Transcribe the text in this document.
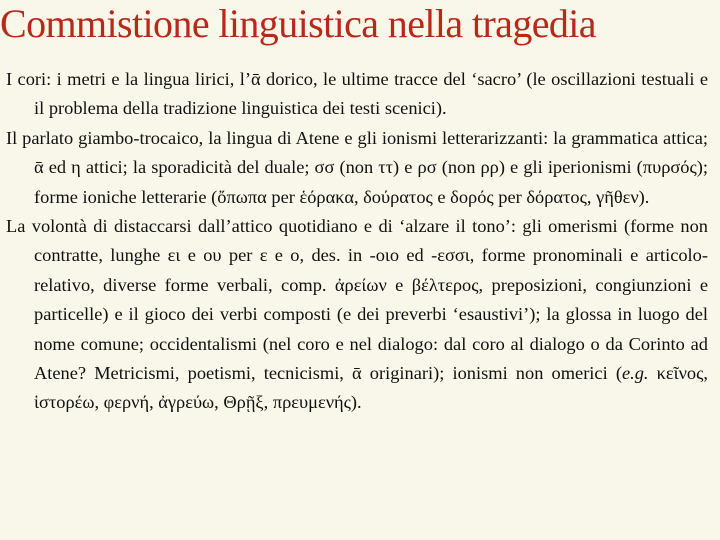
Commistione linguistica nella tragedia
I cori: i metri e la lingua lirici, l’ᾱ dorico, le ultime tracce del ‘sacro’ (le oscillazioni testuali e il problema della tradizione linguistica dei testi scenici).
Il parlato giambo-trocaico, la lingua di Atene e gli ionismi letterarizzanti: la grammatica attica; ᾱ ed η attici; la sporadicità del duale; σσ (non ττ) e ρσ (non ρρ) e gli iperionismi (πυρσός); forme ioniche letterarie (ὄπωπα per ἑόρακα, δούρατος e δορός per δόρατος, γῆθεν).
La volontà di distaccarsi dall’attico quotidiano e di ‘alzare il tono’: gli omerismi (forme non contratte, lunghe ει e ου per ε e ο, des. in -οιο ed -εσσι, forme pronominali e articolo-relativo, diverse forme verbali, comp. ἀρείων e βέλτερος, preposizioni, congiunzioni e particelle) e il gioco dei verbi composti (e dei preverbi ‘esaustivi’); la glossa in luogo del nome comune; occidentalismi (nel coro e nel dialogo: dal coro al dialogo o da Corinto ad Atene? Metricismi, poetismi, tecnicismi, ᾱ originari); ionismi non omerici (e.g. κεῖνος, ἱστορέω, φερνή, ἀγρεύω, Θρῇξ, πρευμενής).
